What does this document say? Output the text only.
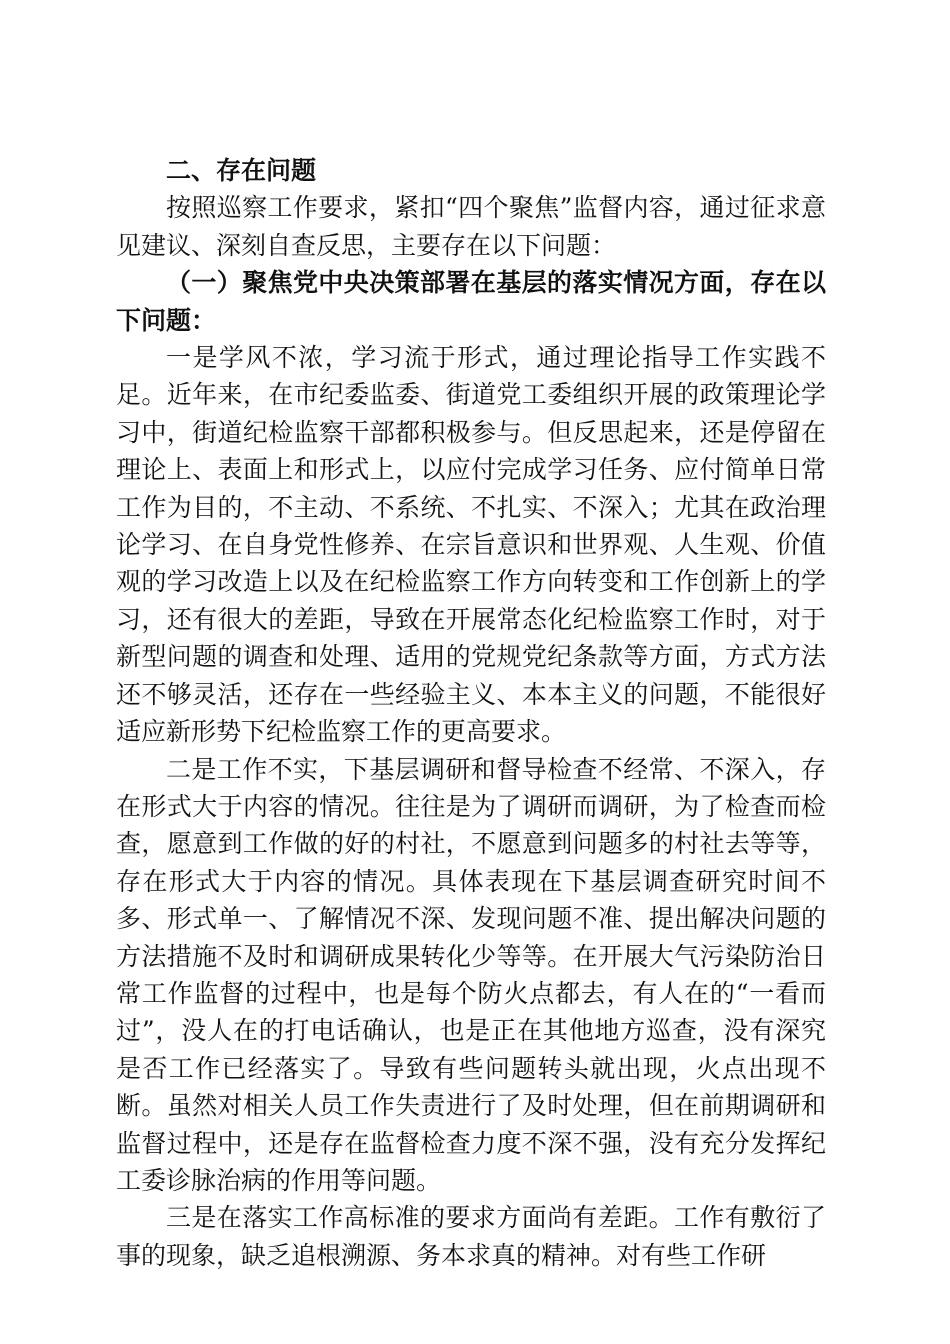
二、存在问题

按照巡察工作要求，紧扣“四个聚焦”监督内容，通过征求意见建议、深刻自查反思，主要存在以下问题：

（一）聚焦党中央决策部署在基层的落实情况方面，存在以下问题：

一是学风不浓，学习流于形式，通过理论指导工作实践不足。近年来，在市纪委监委、街道党工委组织开展的政策理论学习中，街道纪检监察干部都积极参与。但反思起来，还是停留在理论上、表面上和形式上，以应付完成学习任务、应付简单日常工作为目的，不主动、不系统、不扎实、不深入；尤其在政治理论学习、在自身党性修养、在宗旨意识和世界观、人生观、价值观的学习改造上以及在纪检监察工作方向转变和工作创新上的学习，还有很大的差距，导致在开展常态化纪检监察工作时，对于新型问题的调查和处理、适用的党规党纪条款等方面，方式方法还不够灵活，还存在一些经验主义、本本主义的问题，不能很好适应新形势下纪检监察工作的更高要求。

二是工作不实，下基层调研和督导检查不经常、不深入，存在形式大于内容的情况。往往是为了调研而调研，为了检查而检查，愿意到工作做的好的村社，不愿意到问题多的村社去等等，存在形式大于内容的情况。具体表现在下基层调查研究时间不多、形式单一、了解情况不深、发现问题不准、提出解决问题的方法措施不及时和调研成果转化少等等。在开展大气污染防治日常工作监督的过程中，也是每个防火点都去，有人在的“一看而过”，没人在的打电话确认，也是正在其他地方巡查，没有深究是否工作已经落实了。导致有些问题转头就出现，火点出现不断。虽然对相关人员工作失责进行了及时处理，但在前期调研和监督过程中，还是存在监督检查力度不深不强，没有充分发挥纪工委诊脉治病的作用等问题。

三是在落实工作高标准的要求方面尚有差距。工作有敷衍了事的现象，缺乏追根溯源、务本求真的精神。对有些工作研
